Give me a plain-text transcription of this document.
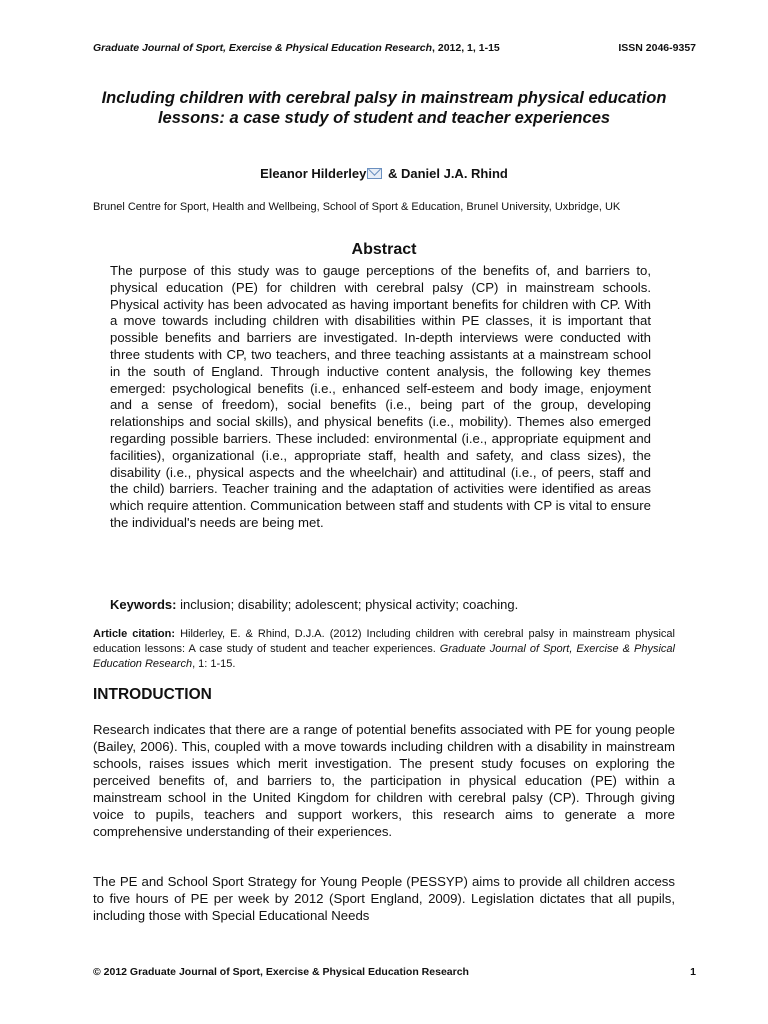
Graduate Journal of Sport, Exercise & Physical Education Research, 2012, 1, 1-15	ISSN 2046-9357
Including children with cerebral palsy in mainstream physical education lessons: a case study of student and teacher experiences
Eleanor Hilderley & Daniel J.A. Rhind
Brunel Centre for Sport, Health and Wellbeing, School of Sport & Education, Brunel University, Uxbridge, UK
Abstract
The purpose of this study was to gauge perceptions of the benefits of, and barriers to, physical education (PE) for children with cerebral palsy (CP) in mainstream schools. Physical activity has been advocated as having important benefits for children with CP. With a move towards including children with disabilities within PE classes, it is important that possible benefits and barriers are investigated. In-depth interviews were conducted with three students with CP, two teachers, and three teaching assistants at a mainstream school in the south of England. Through inductive content analysis, the following key themes emerged: psychological benefits (i.e., enhanced self-esteem and body image, enjoyment and a sense of freedom), social benefits (i.e., being part of the group, developing relationships and social skills), and physical benefits (i.e., mobility). Themes also emerged regarding possible barriers. These included: environmental (i.e., appropriate equipment and facilities), organizational (i.e., appropriate staff, health and safety, and class sizes), the disability (i.e., physical aspects and the wheelchair) and attitudinal (i.e., of peers, staff and the child) barriers. Teacher training and the adaptation of activities were identified as areas which require attention. Communication between staff and students with CP is vital to ensure the individual's needs are being met.
Keywords: inclusion; disability; adolescent; physical activity; coaching.
Article citation: Hilderley, E. & Rhind, D.J.A. (2012) Including children with cerebral palsy in mainstream physical education lessons: A case study of student and teacher experiences. Graduate Journal of Sport, Exercise & Physical Education Research, 1: 1-15.
INTRODUCTION
Research indicates that there are a range of potential benefits associated with PE for young people (Bailey, 2006). This, coupled with a move towards including children with a disability in mainstream schools, raises issues which merit investigation. The present study focuses on exploring the perceived benefits of, and barriers to, the participation in physical education (PE) within a mainstream school in the United Kingdom for children with cerebral palsy (CP). Through giving voice to pupils, teachers and support workers, this research aims to generate a more comprehensive understanding of their experiences.
The PE and School Sport Strategy for Young People (PESSYP) aims to provide all children access to five hours of PE per week by 2012 (Sport England, 2009). Legislation dictates that all pupils, including those with Special Educational Needs
© 2012 Graduate Journal of Sport, Exercise & Physical Education Research	1
